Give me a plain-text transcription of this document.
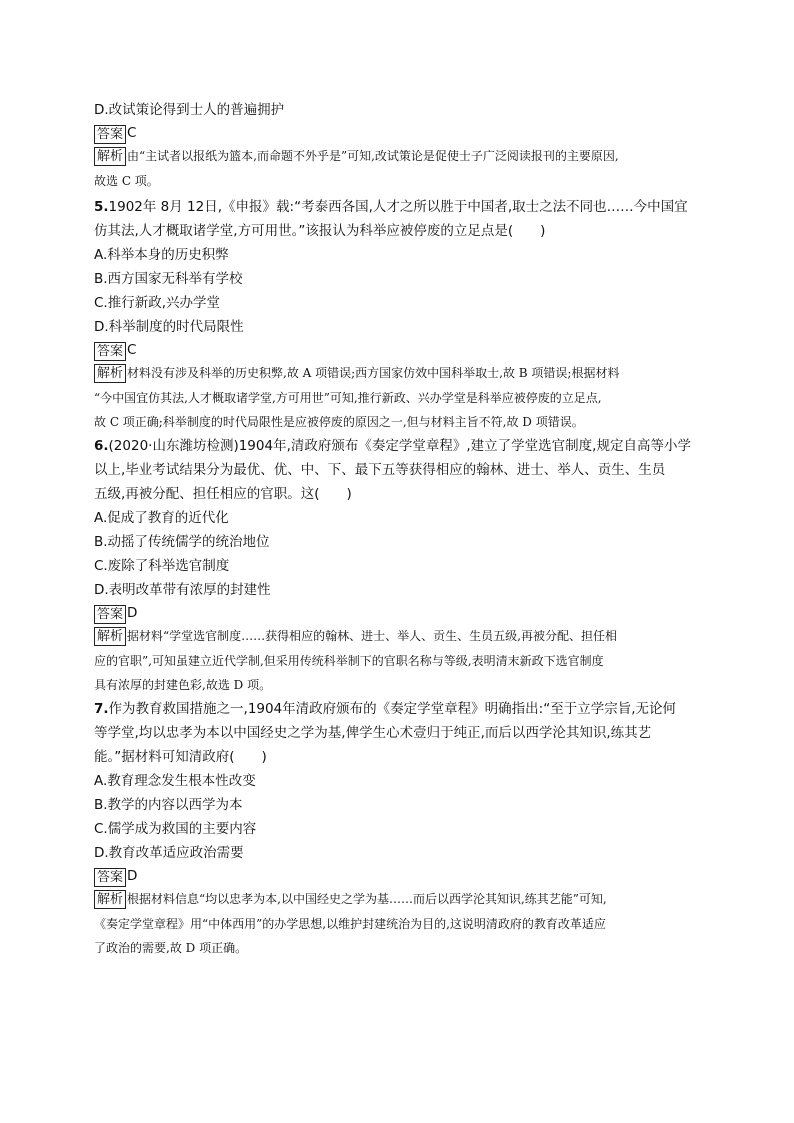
D.改试策论得到士人的普遍拥护

答案 C
解析 由“主试者以报纸为篮本,而命题不外乎是”可知,改试策论是促使士子广泛阅读报刊的主要原因,
故选 C 项。

5.1902年 8月 12日,《申报》载:“考泰西各国,人才之所以胜于中国者,取士之法不同也……今中国宜

仿其法,人才概取诸学堂,方可用世。”该报认为科举应被停废的立足点是(　　)

A.科举本身的历史积弊

B.西方国家无科举有学校

C.推行新政,兴办学堂

D.科举制度的时代局限性

答案 C
解析 材料没有涉及科举的历史积弊,故 A 项错误;西方国家仿效中国科举取士,故 B 项错误;根据材料
“今中国宜仿其法,人才概取诸学堂,方可用世”可知,推行新政、兴办学堂是科举应被停废的立足点,
故 C 项正确;科举制度的时代局限性是应被停废的原因之一,但与材料主旨不符,故 D 项错误。

6.(2020·山东潍坊检测)1904年,清政府颁布《奏定学堂章程》,建立了学堂选官制度,规定自高等小学

以上,毕业考试结果分为最优、优、中、下、最下五等获得相应的翰林、进士、举人、贡生、生员

五级,再被分配、担任相应的官职。这(　　)

A.促成了教育的近代化

B.动摇了传统儒学的统治地位

C.废除了科举选官制度

D.表明改革带有浓厚的封建性

答案 D
解析 据材料“学堂选官制度……获得相应的翰林、进士、举人、贡生、生员五级,再被分配、担任相
应的官职”,可知虽建立近代学制,但采用传统科举制下的官职名称与等级,表明清末新政下选官制度
具有浓厚的封建色彩,故选 D 项。

7.作为教育救国措施之一,1904年清政府颁布的《奏定学堂章程》明确指出:“至于立学宗旨,无论何

等学堂,均以忠孝为本以中国经史之学为基,俾学生心术壹归于纯正,而后以西学沦其知识,练其艺

能。”据材料可知清政府(　　)

A.教育理念发生根本性改变

B.教学的内容以西学为本

C.儒学成为救国的主要内容

D.教育改革适应政治需要

答案 D
解析 根据材料信息“均以忠孝为本,以中国经史之学为基……而后以西学沦其知识,练其艺能”可知,
《奏定学堂章程》用“中体西用”的办学思想,以维护封建统治为目的,这说明清政府的教育改革适应
了政治的需要,故 D 项正确。
